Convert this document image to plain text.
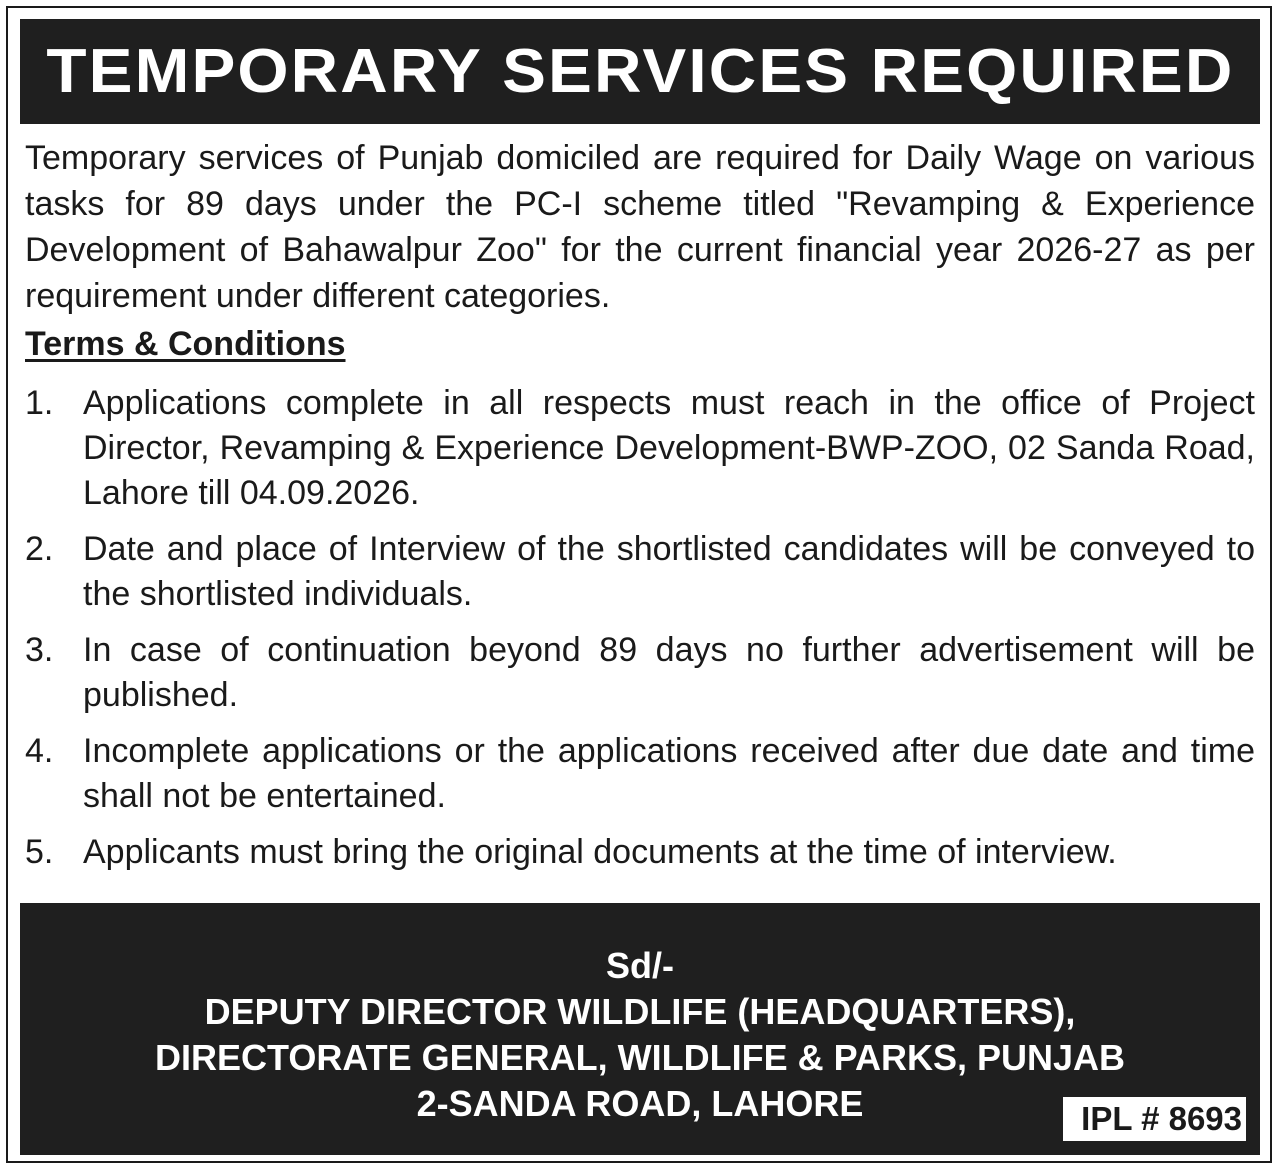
TEMPORARY SERVICES REQUIRED

Temporary services of Punjab domiciled are required for Daily Wage on various tasks for 89 days under the PC-I scheme titled "Revamping & Experience Development of Bahawalpur Zoo" for the current financial year 2026-27 as per requirement under different categories.

Terms & Conditions
1. Applications complete in all respects must reach in the office of Project Director, Revamping & Experience Development-BWP-ZOO, 02 Sanda Road, Lahore till 04.09.2026.
2. Date and place of Interview of the shortlisted candidates will be conveyed to the shortlisted individuals.
3. In case of continuation beyond 89 days no further advertisement will be published.
4. Incomplete applications or the applications received after due date and time shall not be entertained.
5. Applicants must bring the original documents at the time of interview.
Sd/-
DEPUTY DIRECTOR WILDLIFE (HEADQUARTERS),
DIRECTORATE GENERAL, WILDLIFE & PARKS, PUNJAB
2-SANDA ROAD, LAHORE	IPL # 8693
